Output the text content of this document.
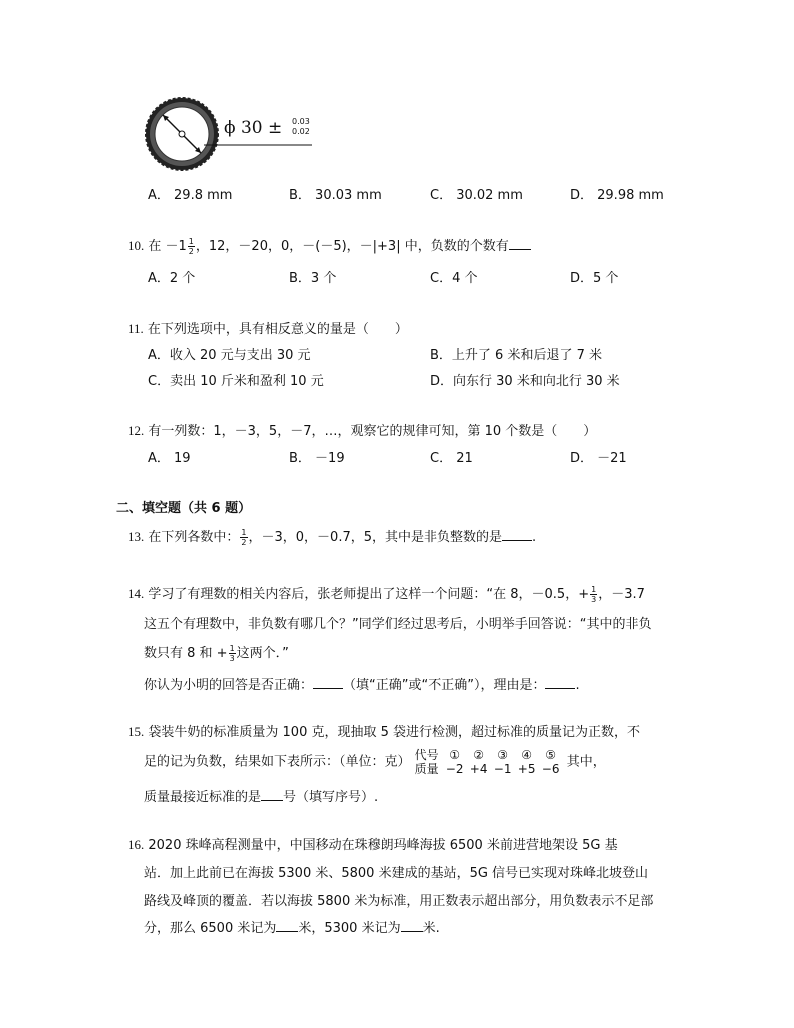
ϕ 30 ± 0.03
0.02
A． 29.8 mm	B． 30.03 mm	C． 30.02 mm	D． 29.98 mm
10. 在 $-1 \frac{1}{2}$ ，12，－20，0，－(－5)，－|+3| 中，负数的个数有
A．2 个	B．3 个	C．4 个	D．5 个
11. 在下列选项中，具有相反意义的量是（　　）
A．收入 20 元与支出 30 元	B．上升了 6 米和后退了 7 米
C．卖出 10 斤米和盈利 10 元	D．向东行 30 米和向北行 30 米
12. 有一列数：1，－3，5，－7，…，观察它的规律可知，第 10 个数是（　　）
A． 19	B． －19	C． 21	D． －21
二、填空题（共 6 题）
13. 在下列各数中： $\frac{1}{2}$ ，－3，0，－0.7，5，其中是非负整数的是 .
14. 学习了有理数的相关内容后，张老师提出了这样一个问题：“在 8，－0.5，+ $\frac{1}{3}$ ，－3.7
这五个有理数中，非负数有哪几个？”同学们经过思考后，小明举手回答说：“其中的非负
数只有 8 和 + $\frac{1}{3}$ 这两个．”
你认为小明的回答是否正确： （填“正确”或“不正确”），理由是： .
15. 袋装牛奶的标准质量为 100 克，现抽取 5 袋进行检测，超过标准的质量记为正数，不
足的记为负数，结果如下表所示：（单位：克） 代号 ① ② ③ ④ ⑤
质量 −2 +4 −1 +5 −6 其中，
质量最接近标准的是 号（填写序号）.
16. 2020 珠峰高程测量中，中国移动在珠穆朗玛峰海拔 6500 米前进营地架设 5G 基
站．加上此前已在海拔 5300 米、5800 米建成的基站，5G 信号已实现对珠峰北坡登山
路线及峰顶的覆盖．若以海拔 5800 米为标准，用正数表示超出部分，用负数表示不足部
分，那么 6500 米记为 米，5300 米记为 米.
